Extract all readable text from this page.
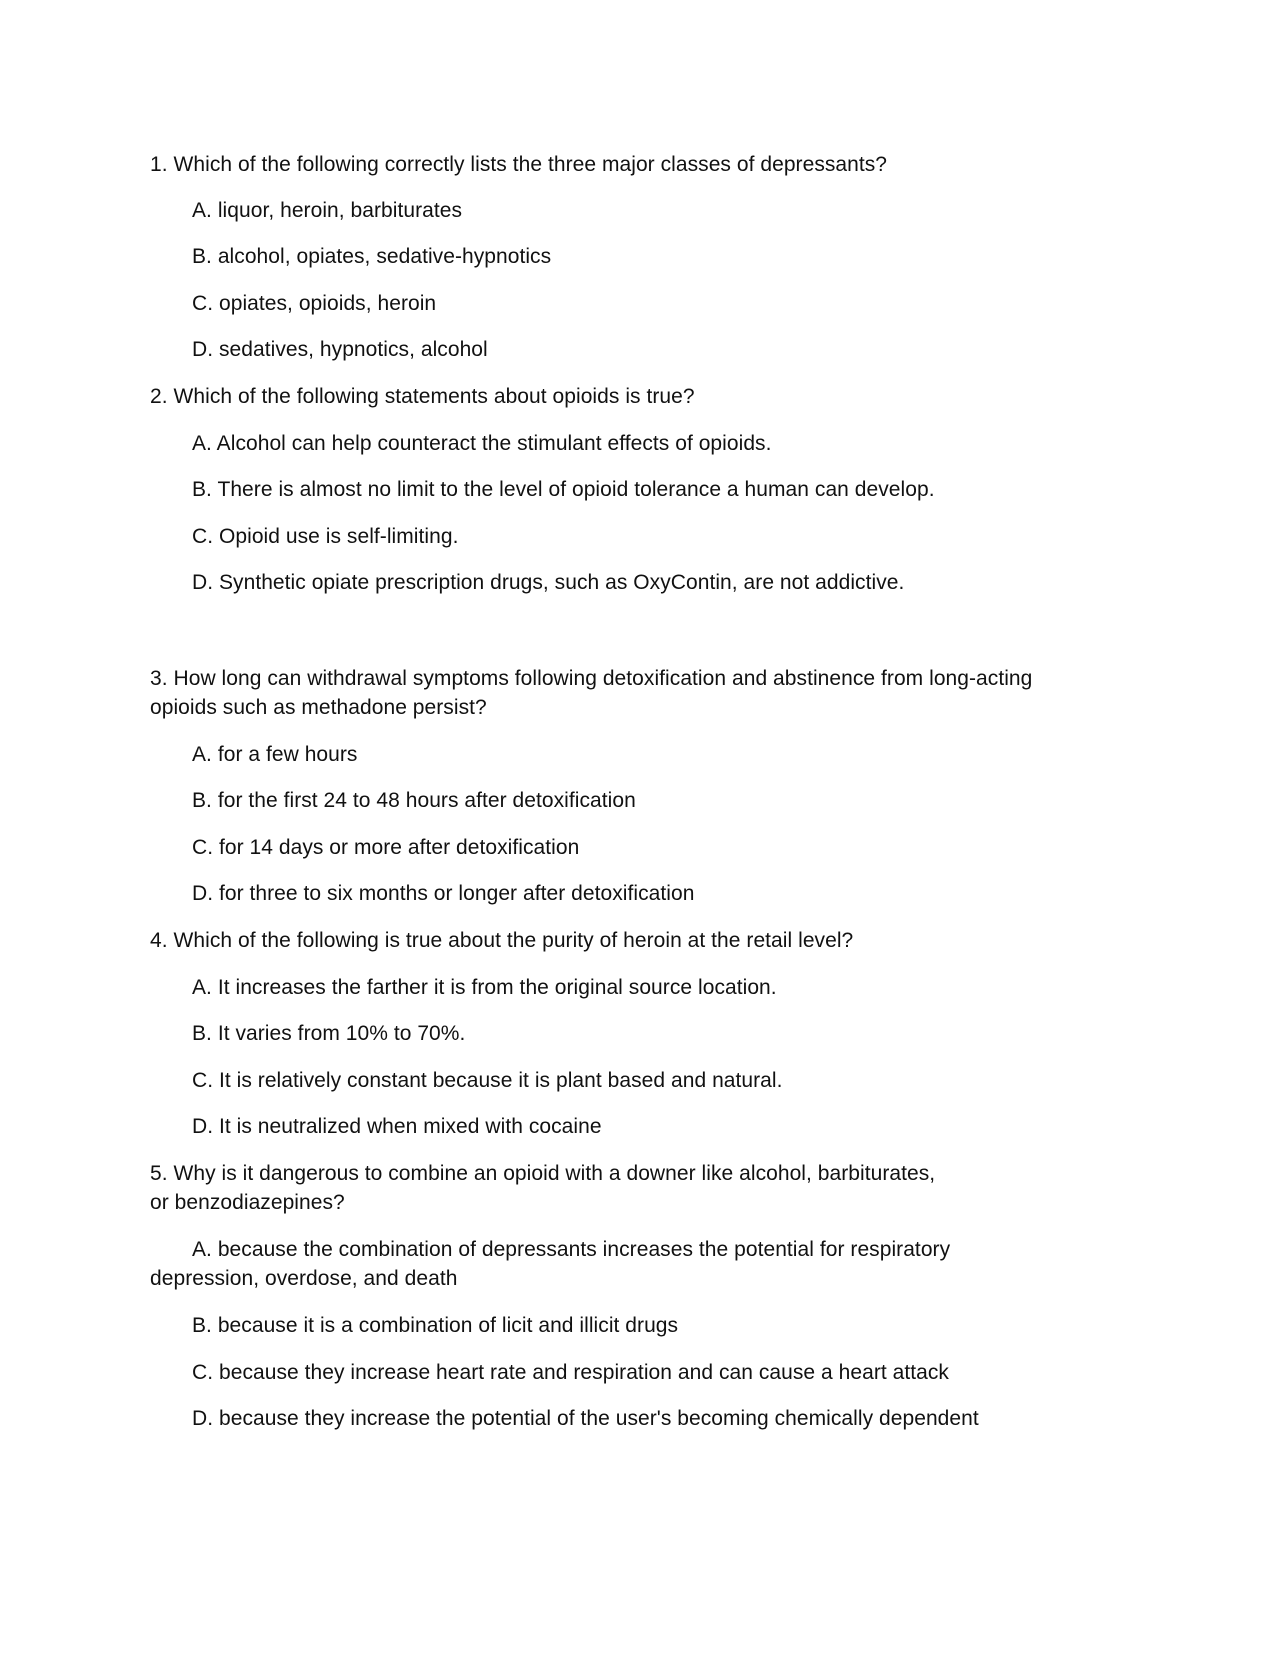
1. Which of the following correctly lists the three major classes of depressants?
A. liquor, heroin, barbiturates
B. alcohol, opiates, sedative-hypnotics
C. opiates, opioids, heroin
D. sedatives, hypnotics, alcohol
2. Which of the following statements about opioids is true?
A. Alcohol can help counteract the stimulant effects of opioids.
B. There is almost no limit to the level of opioid tolerance a human can develop.
C. Opioid use is self-limiting.
D. Synthetic opiate prescription drugs, such as OxyContin, are not addictive.
3. How long can withdrawal symptoms following detoxification and abstinence from long-acting
opioids such as methadone persist?
A. for a few hours
B. for the first 24 to 48 hours after detoxification
C. for 14 days or more after detoxification
D. for three to six months or longer after detoxification
4. Which of the following is true about the purity of heroin at the retail level?
A. It increases the farther it is from the original source location.
B. It varies from 10% to 70%.
C. It is relatively constant because it is plant based and natural.
D. It is neutralized when mixed with cocaine
5. Why is it dangerous to combine an opioid with a downer like alcohol, barbiturates,
or benzodiazepines?
A. because the combination of depressants increases the potential for respiratory
depression, overdose, and death
B. because it is a combination of licit and illicit drugs
C. because they increase heart rate and respiration and can cause a heart attack
D. because they increase the potential of the user's becoming chemically dependent
